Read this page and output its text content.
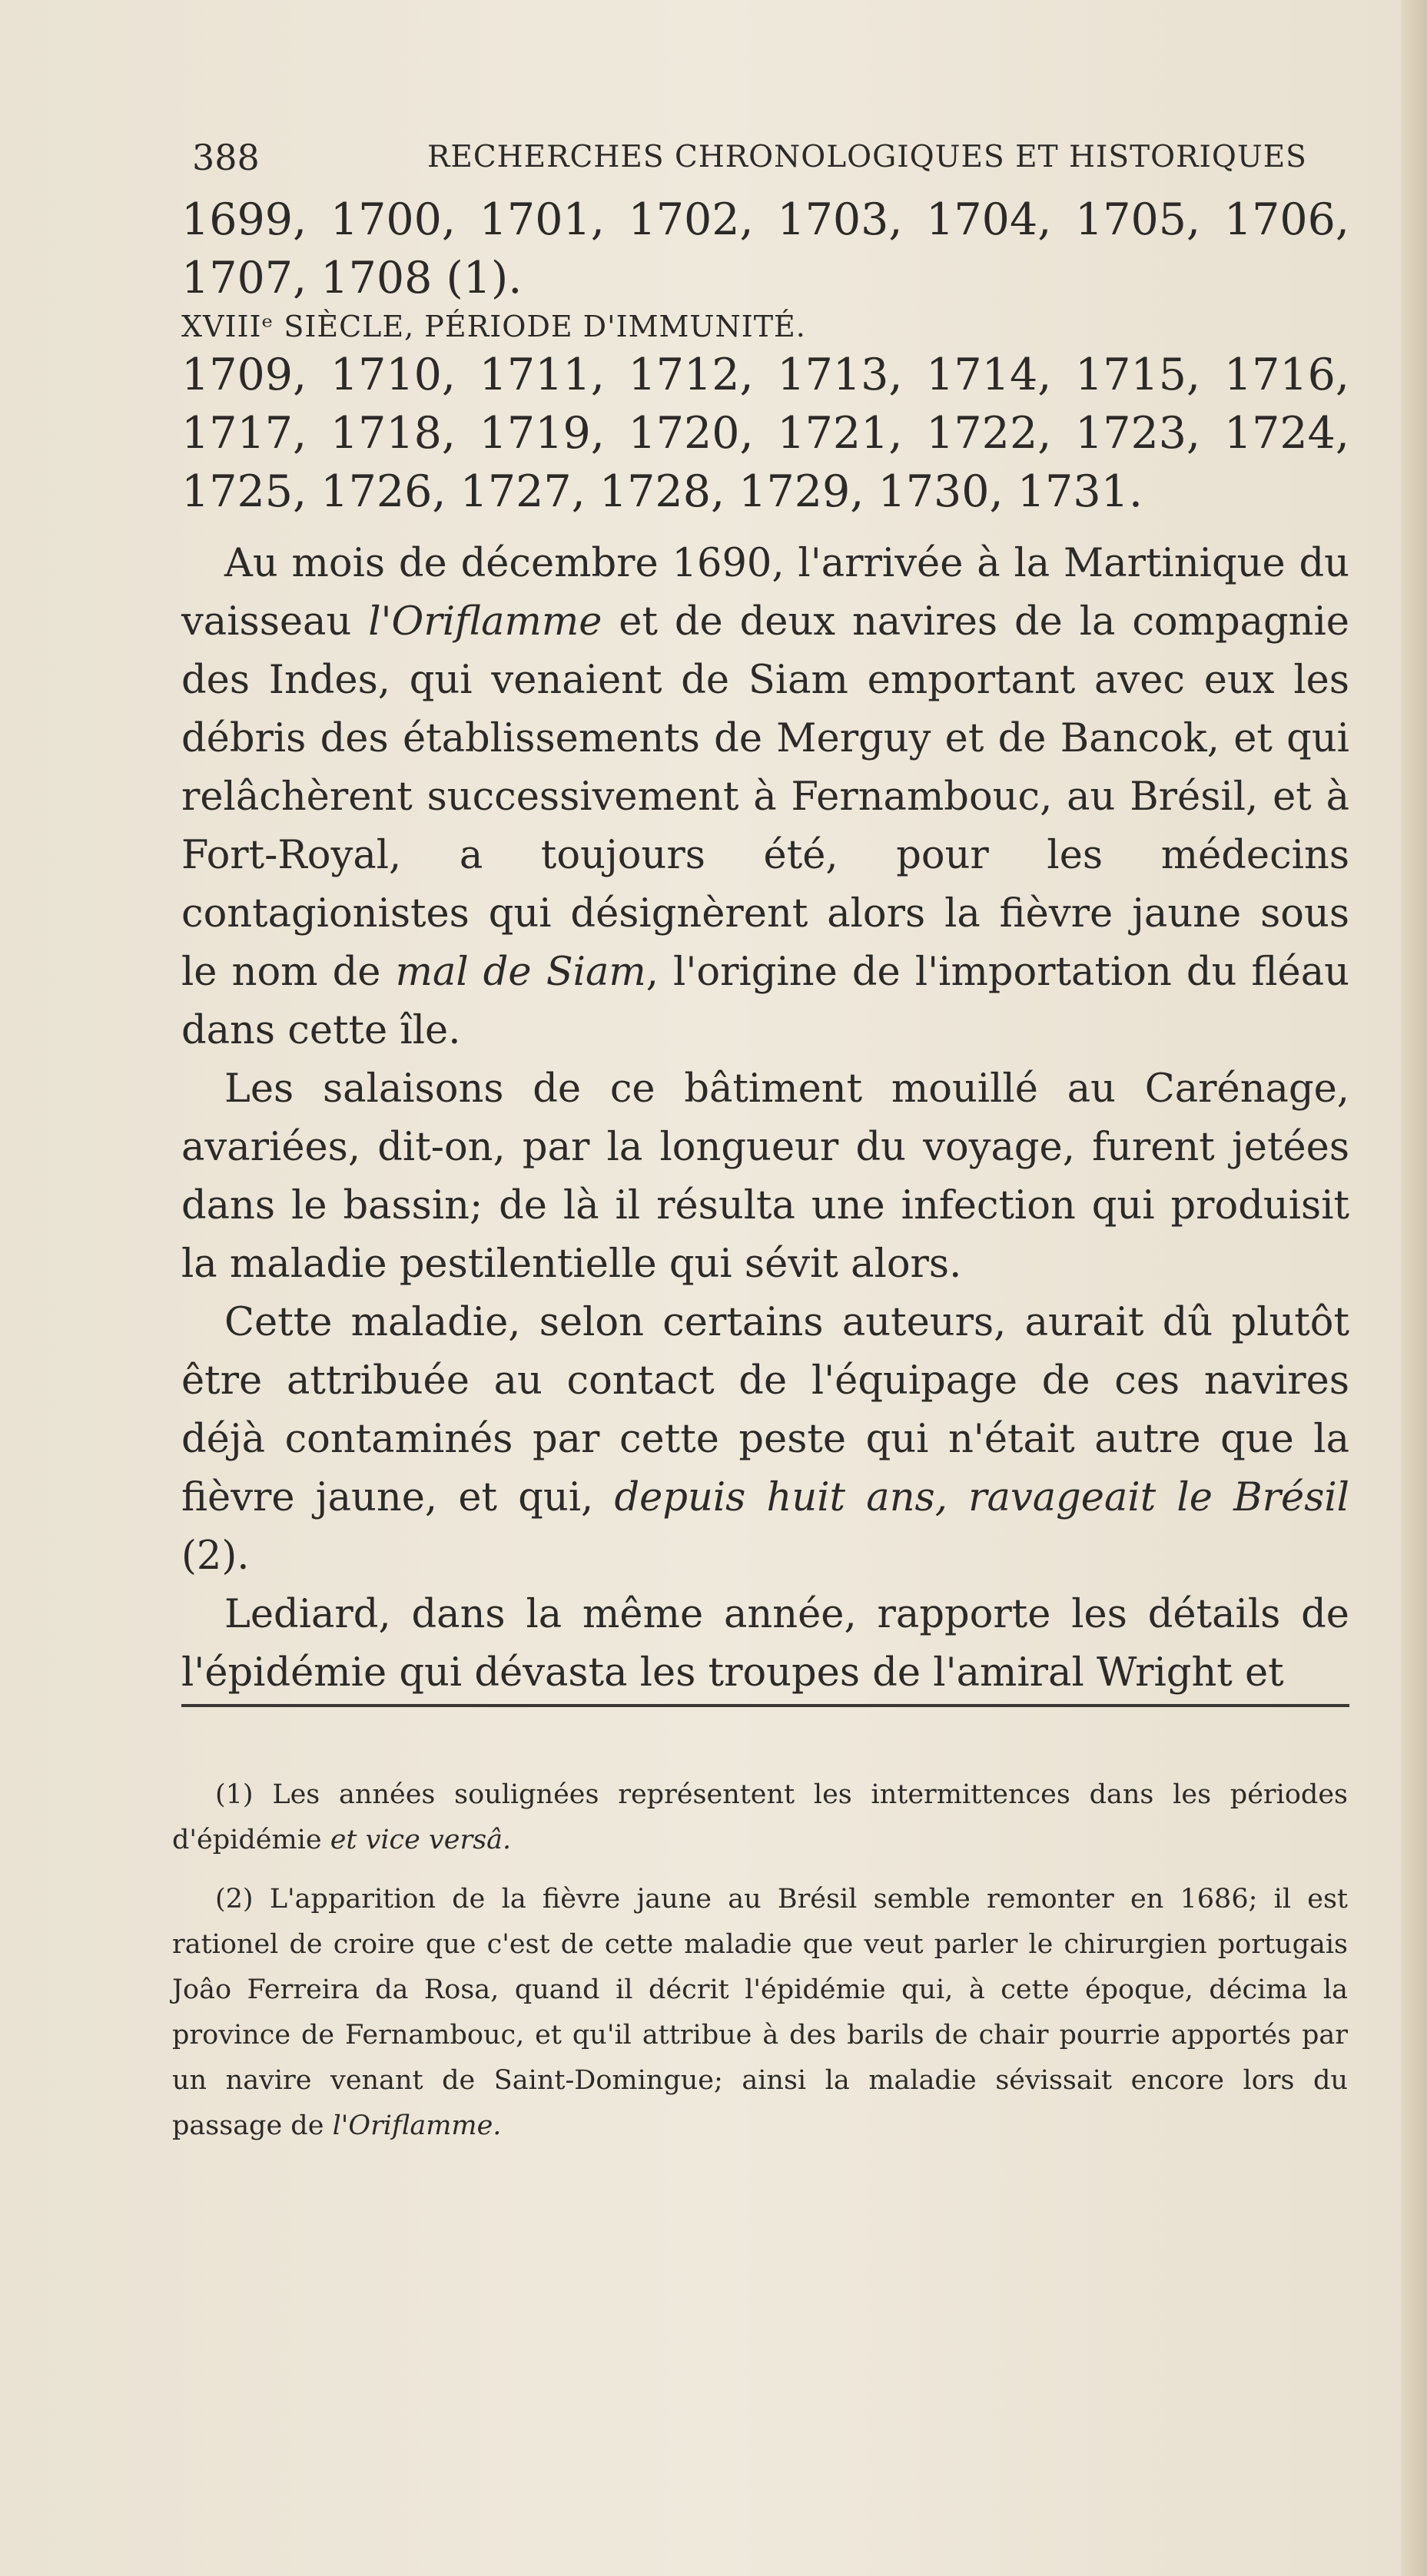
388	RECHERCHES CHRONOLOGIQUES ET HISTORIQUES

1699, 1700, 1701, 1702, 1703, 1704, 1705, 1706, 1707, 1708 (1).

XVIIIᵉ SIÈCLE, PÉRIODE D'IMMUNITÉ.

1709, 1710, 1711, 1712, 1713, 1714, 1715, 1716, 1717, 1718, 1719, 1720, 1721, 1722, 1723, 1724, 1725, 1726, 1727, 1728, 1729, 1730, 1731.

Au mois de décembre 1690, l'arrivée à la Martinique du vaisseau l'Oriflamme et de deux navires de la compagnie des Indes, qui venaient de Siam emportant avec eux les débris des établissements de Merguy et de Bancok, et qui relâchèrent successivement à Fernambouc, au Brésil, et à Fort-Royal, a toujours été, pour les médecins contagionistes qui désignèrent alors la fièvre jaune sous le nom de mal de Siam, l'origine de l'importation du fléau dans cette île.

Les salaisons de ce bâtiment mouillé au Carénage, avariées, dit-on, par la longueur du voyage, furent jetées dans le bassin; de là il résulta une infection qui produisit la maladie pestilentielle qui sévit alors.

Cette maladie, selon certains auteurs, aurait dû plutôt être attribuée au contact de l'équipage de ces navires déjà contaminés par cette peste qui n'était autre que la fièvre jaune, et qui, depuis huit ans, ravageait le Brésil (2).

Lediard, dans la même année, rapporte les détails de l'épidémie qui dévasta les troupes de l'amiral Wright et

(1) Les années soulignées représentent les intermittences dans les périodes d'épidémie et vice versâ.

(2) L'apparition de la fièvre jaune au Brésil semble remonter en 1686; il est rationel de croire que c'est de cette maladie que veut parler le chirurgien portugais Joâo Ferreira da Rosa, quand il décrit l'épidémie qui, à cette époque, décima la province de Fernambouc, et qu'il attribue à des barils de chair pourrie apportés par un navire venant de Saint-Domingue; ainsi la maladie sévissait encore lors du passage de l'Oriflamme.
